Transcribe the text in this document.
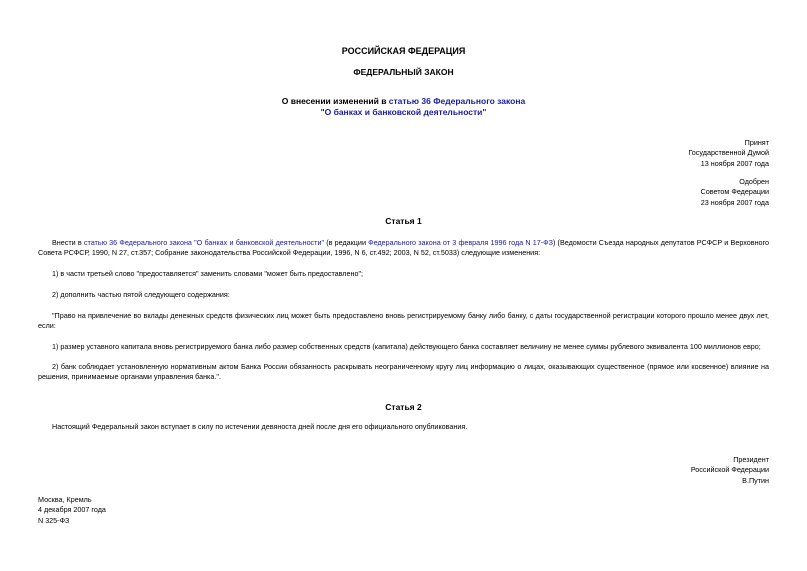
РОССИЙСКАЯ ФЕДЕРАЦИЯ
ФЕДЕРАЛЬНЫЙ ЗАКОН
О внесении изменений в статью 36 Федерального закона
"О банках и банковской деятельности"
Принят
Государственной Думой
13 ноября 2007 года
Одобрен
Советом Федерации
23 ноября 2007 года
Статья 1
Внести в статью 36 Федерального закона "О банках и банковской деятельности" (в редакции Федерального закона от 3 февраля 1996 года N 17-ФЗ) (Ведомости Съезда народных депутатов РСФСР и Верховного Совета РСФСР, 1990, N 27, ст.357; Собрание законодательства Российской Федерации, 1996, N 6, ст.492; 2003, N 52, ст.5033) следующие изменения:
1) в части третьей слово "предоставляется" заменить словами "может быть предоставлено";
2) дополнить частью пятой следующего содержания:
"Право на привлечение во вклады денежных средств физических лиц может быть предоставлено вновь регистрируемому банку либо банку, с даты государственной регистрации которого прошло менее двух лет, если:
1) размер уставного капитала вновь регистрируемого банка либо размер собственных средств (капитала) действующего банка составляет величину не менее суммы рублевого эквивалента 100 миллионов евро;
2) банк соблюдает установленную нормативным актом Банка России обязанность раскрывать неограниченному кругу лиц информацию о лицах, оказывающих существенное (прямое или косвенное) влияние на решения, принимаемые органами управления банка.".
Статья 2
Настоящий Федеральный закон вступает в силу по истечении девяноста дней после дня его официального опубликования.
Президент
Российской Федерации
В.Путин
Москва, Кремль
4 декабря 2007 года
N 325-ФЗ
